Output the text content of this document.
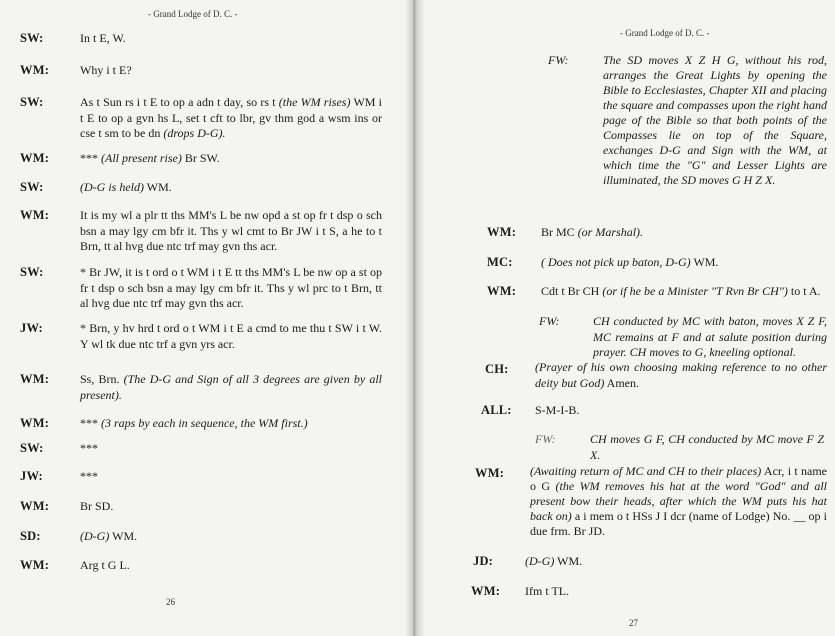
- Grand Lodge of D. C. -
SW:	In t E, W.
WM:	Why i t E?
SW:	As t Sun rs i t E to op a adn t day, so rs t (the WM rises) WM i t E to op a gvn hs L, set t cft to lbr, gv thm god a wsm ins or cse t sm to be dn (drops D-G).
WM:	*** (All present rise) Br SW.
SW:	(D-G is held) WM.
WM:	It is my wl a plr tt ths MM's L be nw opd a st op fr t dsp o sch bsn a may lgy cm bfr it. Ths y wl cmt to Br JW i t S, a he to t Brn, tt al hvg due ntc trf may gvn ths acr.
SW:	* Br JW, it is t ord o t WM i t E tt ths MM's L be nw op a st op fr t dsp o sch bsn a may lgy cm bfr it. Ths y wl prc to t Brn, tt al hvg due ntc trf may gvn ths acr.
JW:	* Brn, y hv hrd t ord o t WM i t E a cmd to me thu t SW i t W. Y wl tk due ntc trf a gvn yrs acr.
WM:	Ss, Brn. (The D-G and Sign of all 3 degrees are given by all present).
WM:	*** (3 raps by each in sequence, the WM first.)
SW:	***
JW:	***
WM:	Br SD.
SD:	(D-G) WM.
WM:	Arg t G L.
26
- Grand Lodge of D. C. -
FW:	The SD moves X Z H G, without his rod, arranges the Great Lights by opening the Bible to Ecclesiastes, Chapter XII and placing the square and compasses upon the right hand page of the Bible so that both points of the Compasses lie on top of the Square, exchanges D-G and Sign with the WM, at which time the "G" and Lesser Lights are illuminated, the SD moves G H Z X.
WM: Br MC (or Marshal).
MC: ( Does not pick up baton, D-G) WM.
WM: Cdt t Br CH (or if he be a Minister "T Rvn Br CH") to t A.
FW:	CH conducted by MC with baton, moves X Z F, MC remains at F and at salute position during prayer. CH moves to G, kneeling optional.
CH: (Prayer of his own choosing making reference to no other deity but God) Amen.
ALL: S-M-I-B.
FW:	CH moves G F, CH conducted by MC move F Z X.
WM: (Awaiting return of MC and CH to their places) Acr, i t name o G (the WM removes his hat at the word "God" and all present bow their heads, after which the WM puts his hat back on) a i mem o t HSs J I dcr (name of Lodge) No. __ op i due frm. Br JD.
JD:	(D-G) WM.
WM: Ifm t TL.
27
